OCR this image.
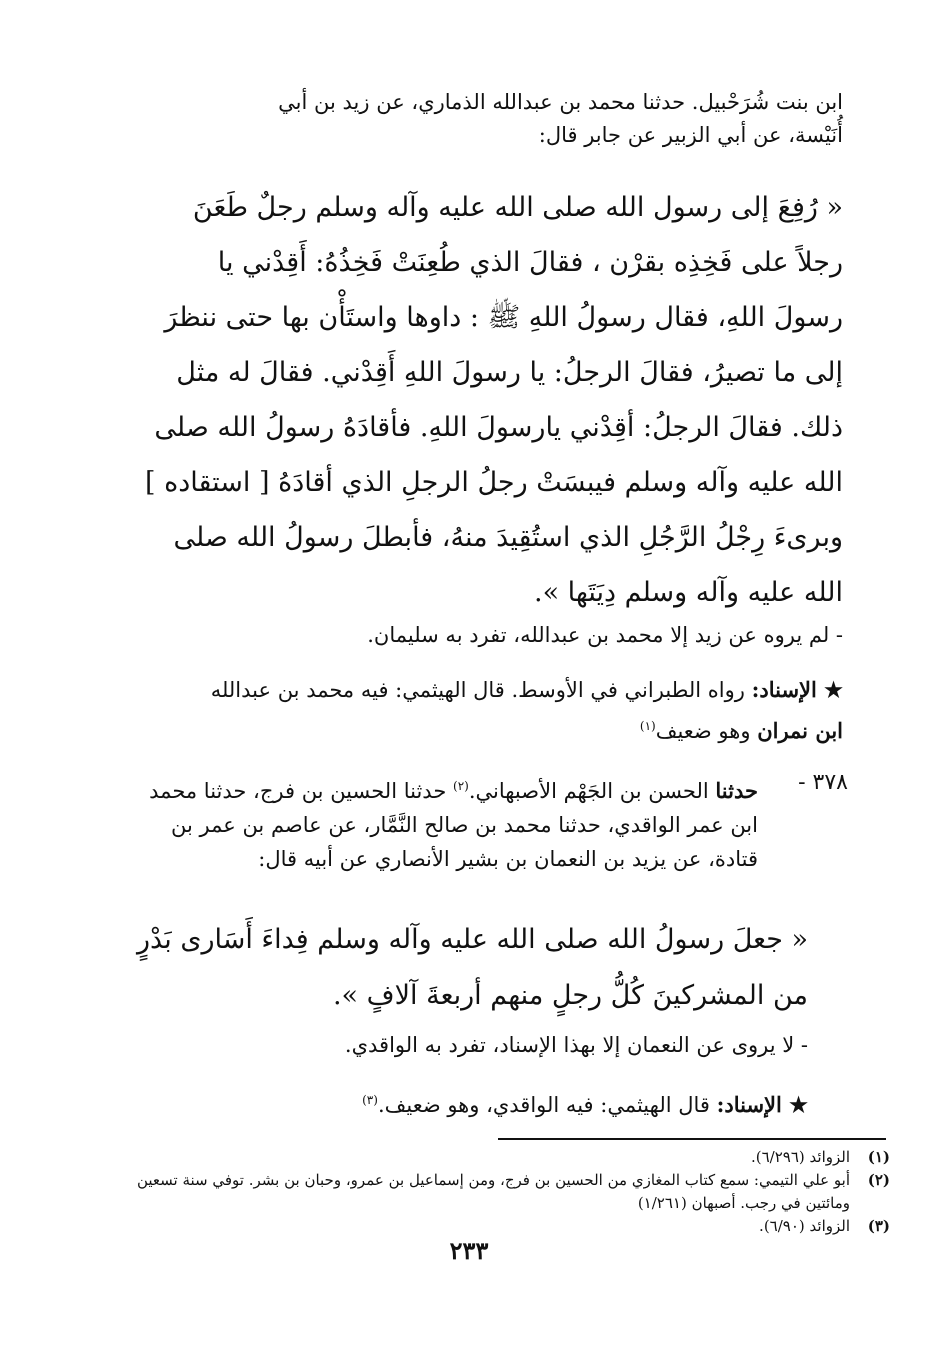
ابن بنت شُرَحْبيل. حدثنا محمد بن عبدالله الذماري، عن زيد بن أبي
أُنَيْسة، عن أبي الزبير عن جابر قال:
« رُفِعَ إلى رسول الله صلى الله عليه وآله وسلم رجلٌ طَعَنَ
رجلاً على فَخِذِه بقرْن ، فقالَ الذي طُعِنَتْ فَخِذُهُ: أَقِدْني يا
رسولَ اللهِ، فقال رسولُ اللهِ ﷺ : داوها واستَأْن بها حتى ننظرَ
إلى ما تصيرُ، فقالَ الرجلُ: يا رسولَ اللهِ أَقِدْني. فقالَ له مثل
ذلك. فقالَ الرجلُ: أقِدْني يارسولَ اللهِ. فأقادَهُ رسولُ الله صلى
الله عليه وآله وسلم فيبسَتْ رجلُ الرجلِ الذي أقادَهُ [ استقاده ]
وبرىءَ رِجْلُ الرَّجُلِ الذي استُقِيدَ منهُ، فأبطلَ رسولُ الله صلى
الله عليه وآله وسلم دِيَتَها ».
- لم يروه عن زيد إلا محمد بن عبدالله، تفرد به سليمان.
★ الإسناد: رواه الطبراني في الأوسط. قال الهيثمي: فيه محمد بن عبدالله
ابن نمران وهو ضعيف$^{(١)}$
٣٧٨ -
حدثنا الحسن بن الجَهْم الأصبهاني.$^{(٢)}$ حدثنا الحسين بن فرج، حدثنا محمد
ابن عمر الواقدي، حدثنا محمد بن صالح النَّمَّار، عن عاصم بن عمر بن
قتادة، عن يزيد بن النعمان بن بشير الأنصاري عن أبيه قال:
« جعلَ رسولُ الله صلى الله عليه وآله وسلم فِداءَ أَسَارى بَدْرٍ
من المشركينَ كُلُّ رجلٍ منهم أربعةَ آلافٍ ».
- لا يروى عن النعمان إلا بهذا الإسناد، تفرد به الواقدي.
★ الإسناد: قال الهيثمي: فيه الواقدي، وهو ضعيف.$^{(٣)}$
(١)
الزوائد (٦/٢٩٦).
(٢)
أبو علي التيمي: سمع كتاب المغازي من الحسين بن فرج، ومن إسماعيل بن عمرو، وحبان بن بشر. توفي سنة تسعين ومائتين في رجب. أصبهان (١/٢٦١)
(٣)
الزوائد (٦/٩٠).
٢٣٣
